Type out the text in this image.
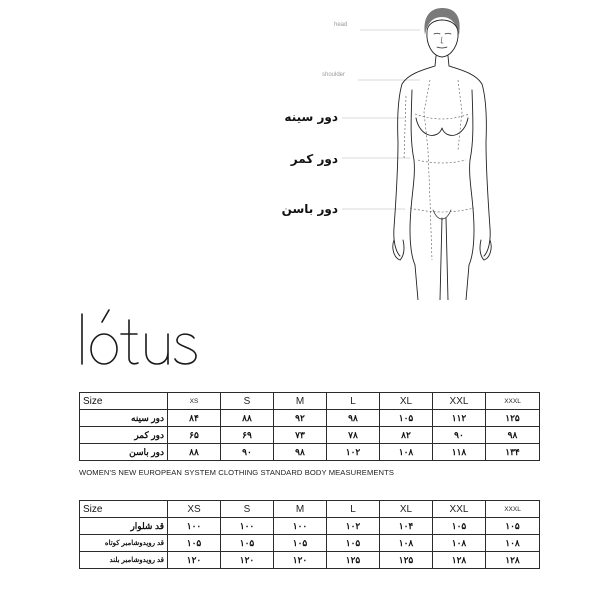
head
shoulder
دور سینه
دور کمر
دور باسن
Size	XS	S	M	L	XL	XXL	XXXL
دور سینه	۸۴	۸۸	۹۲	۹۸	۱۰۵	۱۱۲	۱۲۵
دور کمر	۶۵	۶۹	۷۳	۷۸	۸۲	۹۰	۹۸
دور باسن	۸۸	۹۰	۹۸	۱۰۲	۱۰۸	۱۱۸	۱۳۴
WOMEN'S NEW EUROPEAN SYSTEM CLOTHING STANDARD BODY MEASUREMENTS
Size	XS	S	M	L	XL	XXL	XXXL
قد شلوار	۱۰۰	۱۰۰	۱۰۰	۱۰۲	۱۰۴	۱۰۵	۱۰۵
قد رویدوشامبر کوتاه	۱۰۵	۱۰۵	۱۰۵	۱۰۵	۱۰۸	۱۰۸	۱۰۸
قد رویدوشامبر بلند	۱۲۰	۱۲۰	۱۲۰	۱۲۵	۱۲۵	۱۲۸	۱۲۸
